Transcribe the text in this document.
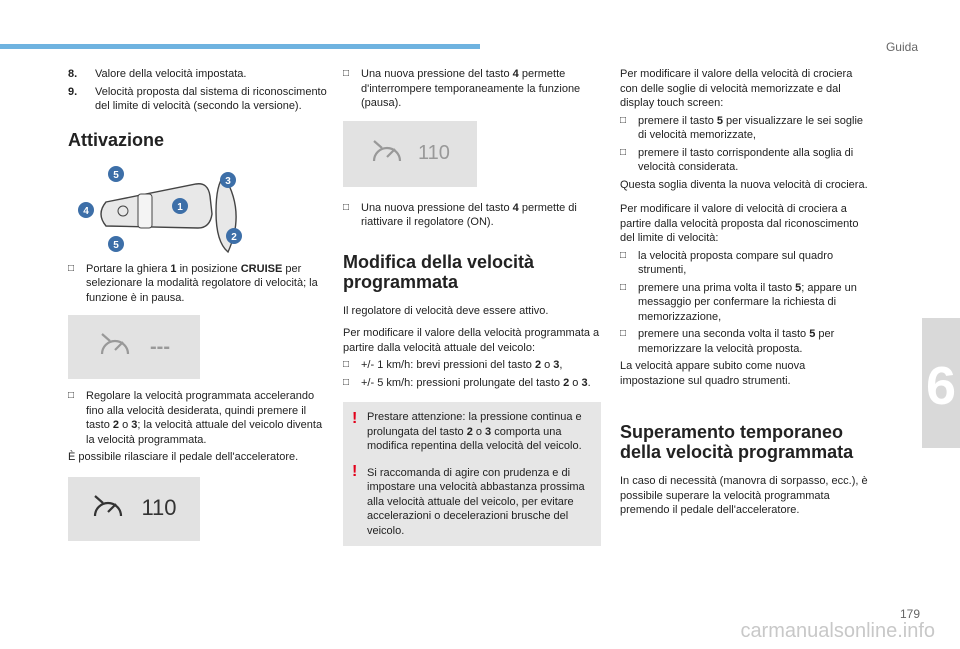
Guida
6
8.	Valore della velocità impostata.
9.	Velocità proposta dal sistema di riconoscimento del limite di velocità (secondo la versione).
Attivazione
5
3
4	1
2
5
□	Portare la ghiera 1 in posizione CRUISE per selezionare la modalità regolatore di velocità; la funzione è in pausa.
---
□	Regolare la velocità programmata accelerando fino alla velocità desiderata, quindi premere il tasto 2 o 3; la velocità attuale del veicolo diventa la velocità programmata.

È possibile rilasciare il pedale dell'acceleratore.

110
□	Una nuova pressione del tasto 4 permette d'interrompere temporaneamente la funzione (pausa).
110
□	Una nuova pressione del tasto 4 permette di riattivare il regolatore (ON).
Modifica della velocità programmata

Il regolatore di velocità deve essere attivo.

Per modificare il valore della velocità programmata a partire dalla velocità attuale del veicolo:

□	+/- 1 km/h: brevi pressioni del tasto 2 o 3,
□	+/- 5 km/h: pressioni prolungate del tasto 2 o 3.
! Prestare attenzione: la pressione continua e prolungata del tasto 2 o 3 comporta una modifica repentina della velocità del veicolo.
! Si raccomanda di agire con prudenza e di impostare una velocità abbastanza prossima alla velocità attuale del veicolo, per evitare accelerazioni o decelerazioni brusche del veicolo.

Per modificare il valore della velocità di crociera con delle soglie di velocità memorizzate e dal display touch screen:

□	premere il tasto 5 per visualizzare le sei soglie di velocità memorizzate,
□	premere il tasto corrispondente alla soglia di velocità considerata.

Questa soglia diventa la nuova velocità di crociera.

Per modificare il valore di velocità di crociera a partire dalla velocità proposta dal riconoscimento del limite di velocità:

□	la velocità proposta compare sul quadro strumenti,
□	premere una prima volta il tasto 5; appare un messaggio per confermare la richiesta di memorizzazione,
□	premere una seconda volta il tasto 5 per memorizzare la velocità proposta.

La velocità appare subito come nuova impostazione sul quadro strumenti.

Superamento temporaneo della velocità programmata

In caso di necessità (manovra di sorpasso, ecc.), è possibile superare la velocità programmata premendo il pedale dell'acceleratore.

179
carmanualsonline.info
